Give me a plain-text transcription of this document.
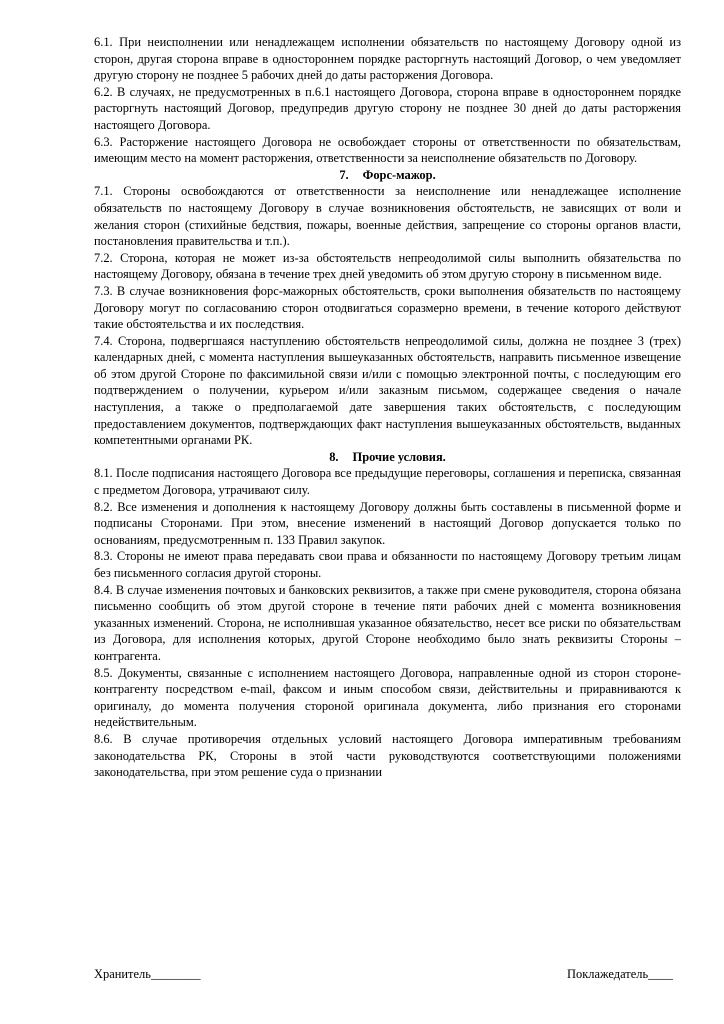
6.1. При неисполнении или ненадлежащем исполнении обязательств по настоящему Договору одной из сторон, другая сторона вправе в одностороннем порядке расторгнуть настоящий Договор, о чем уведомляет другую сторону не позднее 5 рабочих дней до даты расторжения Договора.

6.2. В случаях, не предусмотренных в п.6.1 настоящего Договора, сторона вправе в одностороннем порядке расторгнуть настоящий Договор, предупредив другую сторону не позднее 30 дней до даты расторжения настоящего Договора.

6.3. Расторжение настоящего Договора не освобождает стороны от ответственности по обязательствам, имеющим место на момент расторжения, ответственности за неисполнение обязательств по Договору.

7. Форс-мажор.

7.1. Стороны освобождаются от ответственности за неисполнение или ненадлежащее исполнение обязательств по настоящему Договору в случае возникновения обстоятельств, не зависящих от воли и желания сторон (стихийные бедствия, пожары, военные действия, запрещение со стороны органов власти, постановления правительства и т.п.).

7.2. Сторона, которая не может из-за обстоятельств непреодолимой силы выполнить обязательства по настоящему Договору, обязана в течение трех дней уведомить об этом другую сторону в письменном виде.

7.3. В случае возникновения форс-мажорных обстоятельств, сроки выполнения обязательств по настоящему Договору могут по согласованию сторон отодвигаться соразмерно времени, в течение которого действуют такие обстоятельства и их последствия.

7.4. Сторона, подвергшаяся наступлению обстоятельств непреодолимой силы, должна не позднее 3 (трех) календарных дней, с момента наступления вышеуказанных обстоятельств, направить письменное извещение об этом другой Стороне по факсимильной связи и/или с помощью электронной почты, с последующим его подтверждением о получении, курьером и/или заказным письмом, содержащее сведения о начале наступления, а также о предполагаемой дате завершения таких обстоятельств, с последующим предоставлением документов, подтверждающих факт наступления вышеуказанных обстоятельств, выданных компетентными органами РК.

8. Прочие условия.

8.1. После подписания настоящего Договора все предыдущие переговоры, соглашения и переписка, связанная с предметом Договора, утрачивают силу.

8.2. Все изменения и дополнения к настоящему Договору должны быть составлены в письменной форме и подписаны Сторонами. При этом, внесение изменений в настоящий Договор допускается только по основаниям, предусмотренным п. 133 Правил закупок.

8.3. Стороны не имеют права передавать свои права и обязанности по настоящему Договору третьим лицам без письменного согласия другой стороны.

8.4. В случае изменения почтовых и банковских реквизитов, а также при смене руководителя, сторона обязана письменно сообщить об этом другой стороне в течение пяти рабочих дней с момента возникновения указанных изменений. Сторона, не исполнившая указанное обязательство, несет все риски по обязательствам из Договора, для исполнения которых, другой Стороне необходимо было знать реквизиты Стороны – контрагента.

8.5. Документы, связанные с исполнением настоящего Договора, направленные одной из сторон стороне-контрагенту посредством e-mail, факсом и иным способом связи, действительны и приравниваются к оригиналу, до момента получения стороной оригинала документа, либо признания его сторонами недействительным.

8.6. В случае противоречия отдельных условий настоящего Договора императивным требованиям законодательства РК, Стороны в этой части руководствуются соответствующими положениями законодательства, при этом решение суда о признании

Хранитель________	Поклажедатель____
